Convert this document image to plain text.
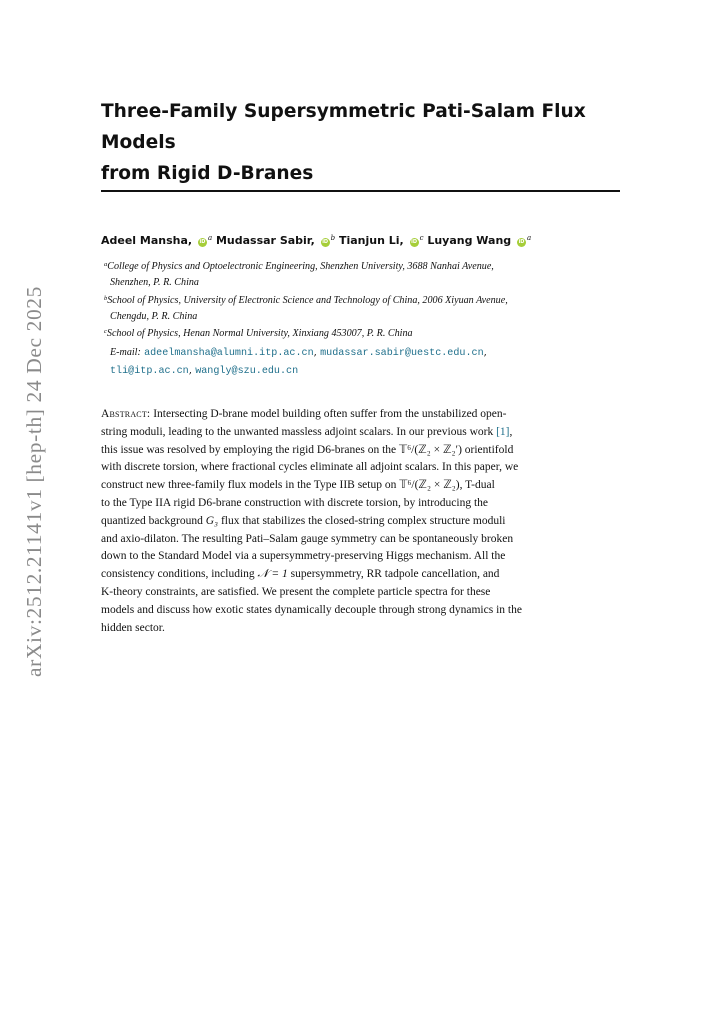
arXiv:2512.21141v1 [hep-th] 24 Dec 2025
Three-Family Supersymmetric Pati-Salam Flux Models
from Rigid D-Branes
Adeel Mansha, iD $^a$ Mudassar Sabir, iD $^b$ Tianjun Li, iD $^c$ Luyang Wang iD $^a$
$^a$College of Physics and Optoelectronic Engineering, Shenzhen University, 3688 Nanhai Avenue,
Shenzhen, P. R. China
$^b$School of Physics, University of Electronic Science and Technology of China, 2006 Xiyuan Avenue,
Chengdu, P. R. China
$^c$School of Physics, Henan Normal University, Xinxiang 453007, P. R. China
E-mail: adeelmansha@alumni.itp.ac.cn, mudassar.sabir@uestc.edu.cn,
tli@itp.ac.cn, wangly@szu.edu.cn
Abstract: Intersecting D-brane model building often suffer from the unstabilized open-
string moduli, leading to the unwanted massless adjoint scalars. In our previous work [1],
this issue was resolved by employing the rigid D6-branes on the 𝕋⁶/(ℤ₂ × ℤ₂′) orientifold
with discrete torsion, where fractional cycles eliminate all adjoint scalars. In this paper, we
construct new three-family flux models in the Type IIB setup on 𝕋⁶/(ℤ₂ × ℤ₂), T-dual
to the Type IIA rigid D6-brane construction with discrete torsion, by introducing the
quantized background G₃ flux that stabilizes the closed-string complex structure moduli
and axio-dilaton. The resulting Pati–Salam gauge symmetry can be spontaneously broken
down to the Standard Model via a supersymmetry-preserving Higgs mechanism. All the
consistency conditions, including 𝒩 = 1 supersymmetry, RR tadpole cancellation, and
K-theory constraints, are satisfied. We present the complete particle spectra for these
models and discuss how exotic states dynamically decouple through strong dynamics in the
hidden sector.
